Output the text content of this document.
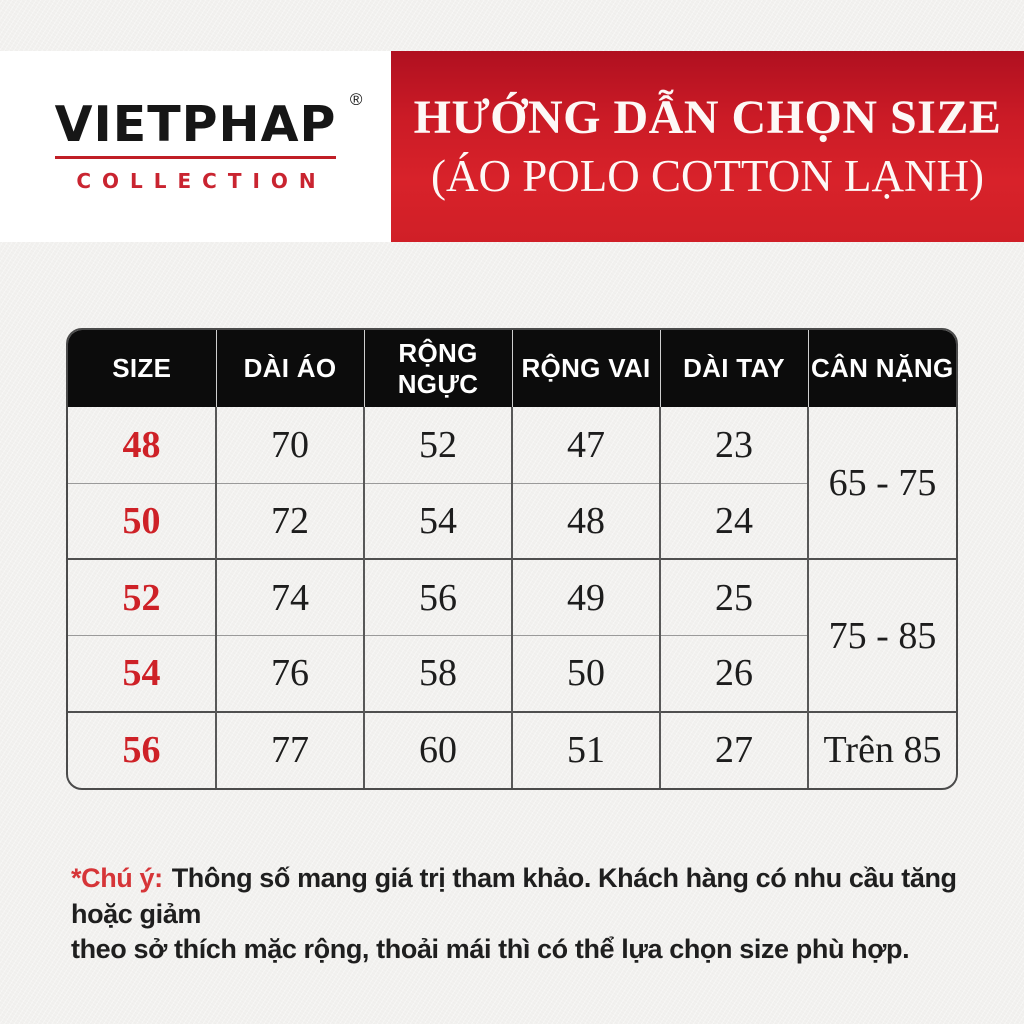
VIETPHAP ®
COLLECTION
HƯỚNG DẪN CHỌN SIZE
(ÁO POLO COTTON LẠNH)
SIZE	DÀI ÁO	RỘNG NGỰC	RỘNG VAI	DÀI TAY	CÂN NẶNG
48	70	52	47	23	65 - 75
50	72	54	48	24	
52	74	56	49	25	75 - 85
54	76	58	50	26	
56	77	60	51	27	Trên 85

*Chú ý: Thông số mang giá trị tham khảo. Khách hàng có nhu cầu tăng hoặc giảm
theo sở thích mặc rộng, thoải mái thì có thể lựa chọn size phù hợp.
